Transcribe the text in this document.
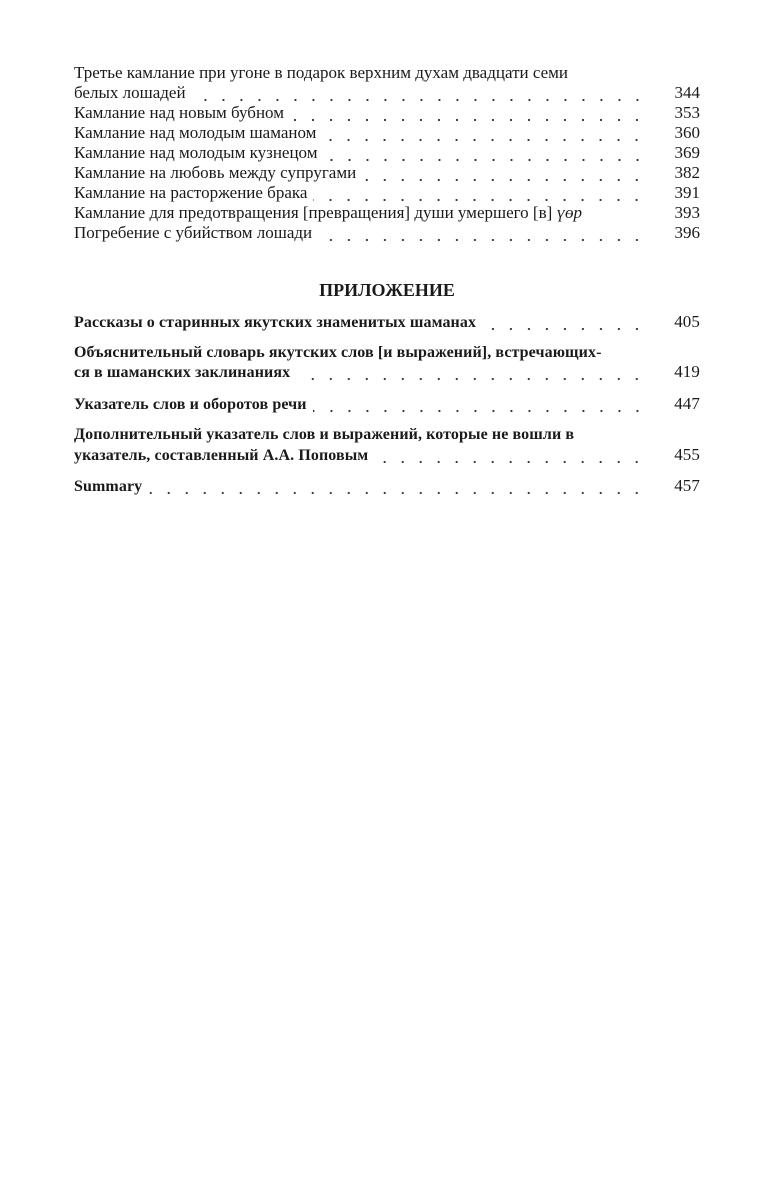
Третье камлание при угоне в подарок верхним духам двадцати семи
белых лошадей	344
Камлание над новым бубном	353
Камлание над молодым шаманом	360
Камлание над молодым кузнецом	369
Камлание на любовь между супругами	382
Камлание на расторжение брака	391
Камлание для предотвращения [превращения] души умершего [в] үөр	393
Погребение с убийством лошади	396
ПРИЛОЖЕНИЕ
Рассказы о старинных якутских знаменитых шаманах	405
Объяснительный словарь якутских слов [и выражений], встречающих-
ся в шаманских заклинаниях	419
Указатель слов и оборотов речи	447
Дополнительный указатель слов и выражений, которые не вошли в
указатель, составленный А.А. Поповым	455
Summary	457
